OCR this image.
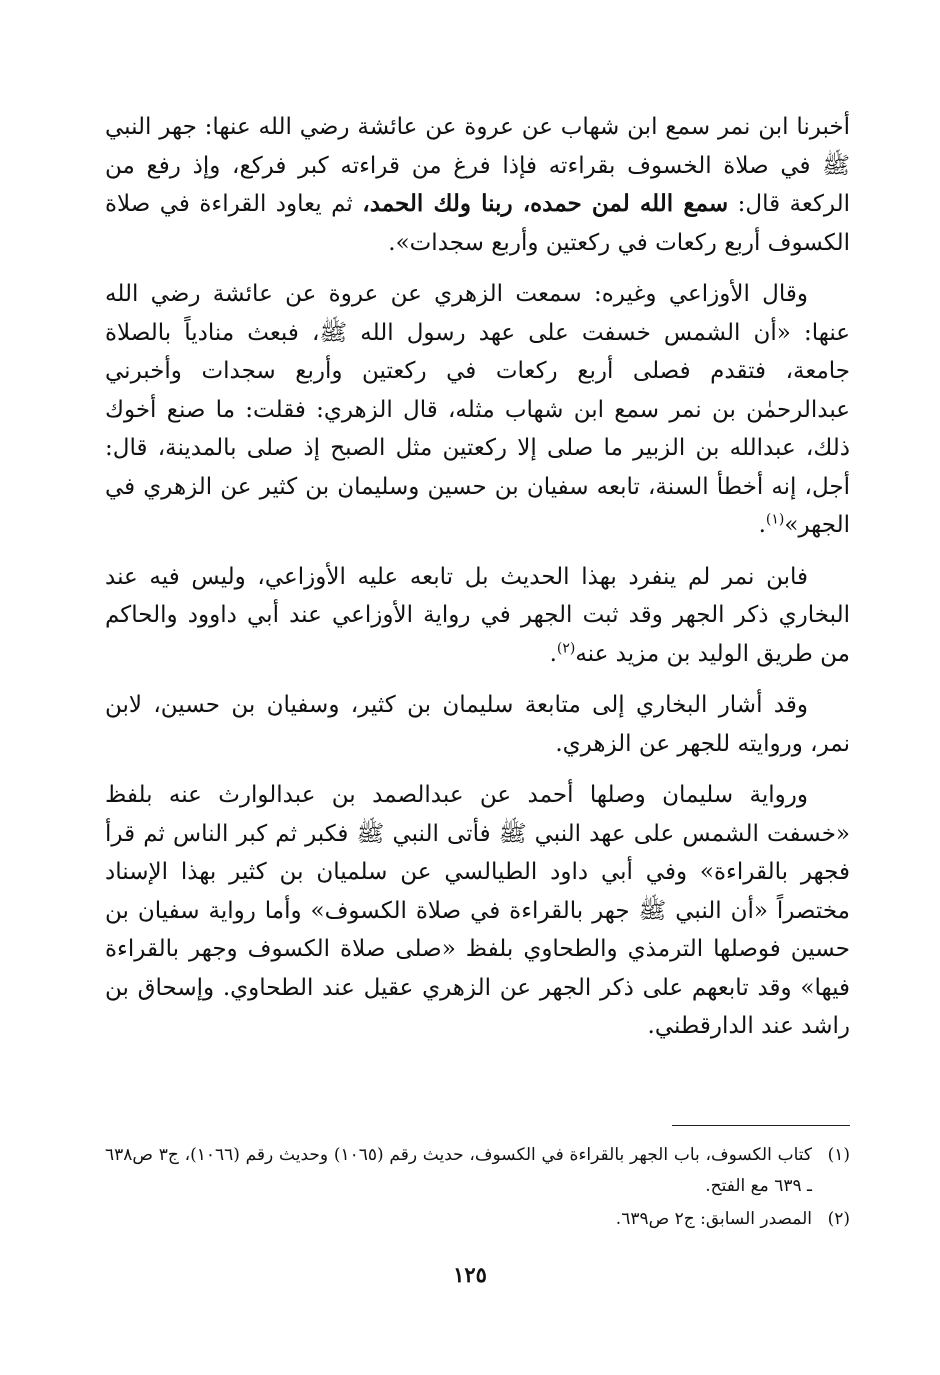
أخبرنا ابن نمر سمع ابن شهاب عن عروة عن عائشة رضي الله عنها: جهر النبي ﷺ في صلاة الخسوف بقراءته فإذا فرغ من قراءته كبر فركع، وإذ رفع من الركعة قال: سمع الله لمن حمده، ربنا ولك الحمد، ثم يعاود القراءة في صلاة الكسوف أربع ركعات في ركعتين وأربع سجدات».

وقال الأوزاعي وغيره: سمعت الزهري عن عروة عن عائشة رضي الله عنها: «أن الشمس خسفت على عهد رسول الله ﷺ، فبعث منادياً بالصلاة جامعة، فتقدم فصلى أربع ركعات في ركعتين وأربع سجدات وأخبرني عبدالرحمٰن بن نمر سمع ابن شهاب مثله، قال الزهري: فقلت: ما صنع أخوك ذلك، عبدالله بن الزبير ما صلى إلا ركعتين مثل الصبح إذ صلى بالمدينة، قال: أجل، إنه أخطأ السنة، تابعه سفيان بن حسين وسليمان بن كثير عن الزهري في الجهر»$^{(١)}$.

فابن نمر لم ينفرد بهذا الحديث بل تابعه عليه الأوزاعي، وليس فيه عند البخاري ذكر الجهر وقد ثبت الجهر في رواية الأوزاعي عند أبي داوود والحاكم من طريق الوليد بن مزيد عنه$^{(٢)}$.

وقد أشار البخاري إلى متابعة سليمان بن كثير، وسفيان بن حسين، لابن نمر، وروايته للجهر عن الزهري.

ورواية سليمان وصلها أحمد عن عبدالصمد بن عبدالوارث عنه بلفظ «خسفت الشمس على عهد النبي ﷺ فأتى النبي ﷺ فكبر ثم كبر الناس ثم قرأ فجهر بالقراءة» وفي أبي داود الطيالسي عن سلميان بن كثير بهذا الإسناد مختصراً «أن النبي ﷺ جهر بالقراءة في صلاة الكسوف» وأما رواية سفيان بن حسين فوصلها الترمذي والطحاوي بلفظ «صلى صلاة الكسوف وجهر بالقراءة فيها» وقد تابعهم على ذكر الجهر عن الزهري عقيل عند الطحاوي. وإسحاق بن راشد عند الدارقطني.

(١)
كتاب الكسوف، باب الجهر بالقراءة في الكسوف، حديث رقم (١٠٦٥) وحديث رقم (١٠٦٦)، ج٣ ص٦٣٨ ـ ٦٣٩ مع الفتح.
(٢)
المصدر السابق: ج٢ ص٦٣٩.
١٢٥
